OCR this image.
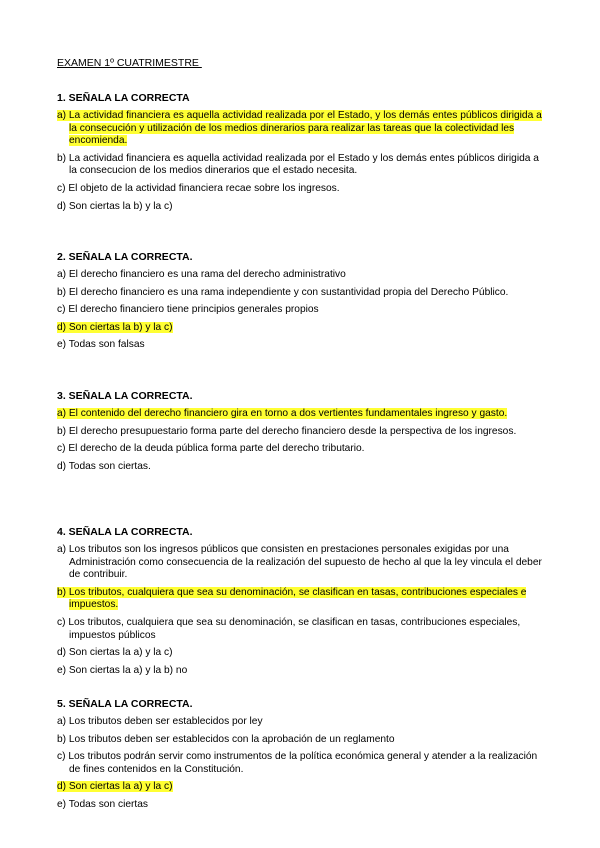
EXAMEN 1º CUATRIMESTRE
1. SEÑALA LA CORRECTA
a) La actividad financiera es aquella actividad realizada por el Estado, y los demás entes públicos dirigida a la consecución y utilización de los medios dinerarios para realizar las tareas que la colectividad les encomienda.
b) La actividad financiera es aquella actividad realizada por el Estado y los demás entes públicos dirigida a la consecucion de los medios dinerarios que el estado necesita.
c) El objeto de la actividad financiera recae sobre los ingresos.
d) Son ciertas la b) y la c)
2. SEÑALA LA CORRECTA.
a) El derecho financiero es una rama del derecho administrativo
b) El derecho financiero es una rama independiente y con sustantividad propia del Derecho Público.
c) El derecho financiero tiene principios generales propios
d) Son ciertas la b) y la c)
e) Todas son falsas
3. SEÑALA LA CORRECTA.
a) El contenido del derecho financiero gira en torno a dos vertientes fundamentales ingreso y gasto.
b) El derecho presupuestario forma parte del derecho financiero desde la perspectiva de los ingresos.
c) El derecho de la deuda pública forma parte del derecho tributario.
d) Todas son ciertas.
4. SEÑALA LA CORRECTA.
a) Los tributos son los ingresos públicos que consisten en prestaciones personales exigidas por una Administración como consecuencia de la realización del supuesto de hecho al que la ley vincula el deber de contribuir.
b) Los tributos, cualquiera que sea su denominación, se clasifican en tasas, contribuciones especiales e impuestos.
c) Los tributos, cualquiera que sea su denominación, se clasifican en tasas, contribuciones especiales, impuestos públicos
d) Son ciertas la a) y la c)
e) Son ciertas la a) y la b) no
5. SEÑALA LA CORRECTA.
a) Los tributos deben ser establecidos por ley
b) Los tributos deben ser establecidos con la aprobación de un reglamento
c) Los tributos podrán servir como instrumentos de la política económica general y atender a la realización de fines contenidos en la Constitución.
d) Son ciertas la a) y la c)
e) Todas son ciertas
